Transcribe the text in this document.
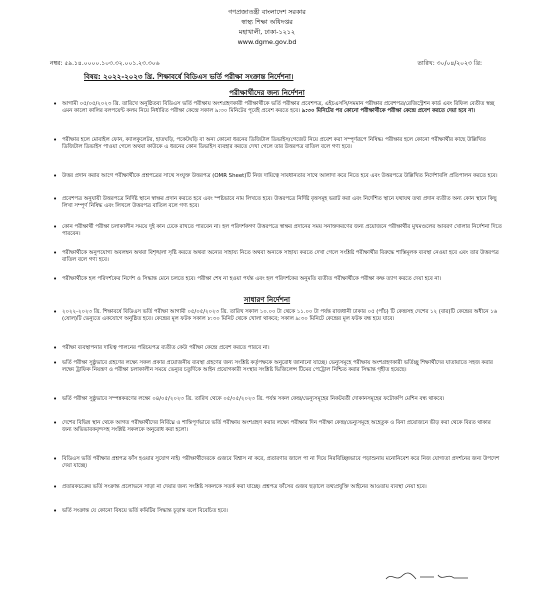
গণপ্রজাতন্ত্রী বাংলাদেশ সরকার
স্বাস্থ্য শিক্ষা অধিদপ্তর
মহাখালী, ঢাকা-১২১২
www.dgme.gov.bd
নম্বর: ৫৯.১৪.০০০০.১০৩.৩২.০০১.২৩.৩০৬	তারিখ: ৩০/০৪/২০২৩ খ্রি:
বিষয়: ২০২২-২০২৩ খ্রি. শিক্ষাবর্ষে বিডিএস ভর্তি পরীক্ষা সংক্রান্ত নির্দেশনা।
পরীক্ষার্থীদের জন্য নির্দেশনা
• আগামী ০৫/০৫/২০২৩ খ্রি. তারিখে অনুষ্ঠিতব্য বিডিএস ভর্তি পরীক্ষায় অংশগ্রহণকারী পরীক্ষার্থীকে ভর্তি পরীক্ষার প্রবেশপত্র, এইচএসসি/সমমান পরীক্ষার প্রবেশপত্র/রেজিস্ট্রেশন কার্ড এবং রিফিল বেতীত স্বচ্ছ এমন কালো কালির বলপয়েন্ট কলম নিয়ে নির্ধারিত পরীক্ষা কেন্দ্রে সকাল ৯:৩০ মিনিটের পূর্বেই প্রবেশ করতে হবে। ৯:৩০ মিনিটের পর কোনো পরীক্ষার্থীকে পরীক্ষা কেন্দ্রে প্রবেশ করতে দেয়া হবে না।

• পরীক্ষার হলে মোবাইল ফোন, ক্যালকুলেটর, হাতঘড়ি, পকেটঘড়ি বা অন্য কোনো ধরনের ডিজিটাল ডিভাইস/গেজেট নিয়ে প্রবেশ করা সম্পূর্ণরূপে নিষিদ্ধ। পরীক্ষার হলে কোনো পরীক্ষার্থীর কাছে উল্লিখিত ডিজিটাল ডিভাইস পাওয়া গেলে অথবা কাউকে এ ধরনের কোন ডিভাইস ব্যবহার করতে দেখা গেলে তার উত্তরপত্র বাতিল বলে গণ্য হবে।

• উত্তর প্রদান করার আগে পরীক্ষার্থীকে প্রশ্নপত্রের সাথে সংযুক্ত উত্তরপত্র (OMR Sheet)টি নিজ দায়িত্বে সাবধানতার সাথে আলাদা করে নিতে হবে এবং উত্তরপত্রে উল্লিখিত নির্দেশাবলি প্রতিপালন করতে হবে।

• প্রবেশপত্র অনুযায়ী উত্তরপত্রে নির্দিষ্ট স্থানে স্বাক্ষর প্রদান করতে হবে এবং স্পষ্টভাবে নাম লিখতে হবে। উত্তরপত্রে নির্দিষ্ট বৃত্তসমূহ ভরাট করা এবং নির্দেশিত স্থানে যথাযথ তথ্য প্রদান ব্যতীত অন্য কোন স্থানে কিছু লিখা সম্পূর্ণ নিষিদ্ধ এবং লিখলে উত্তরপত্র বাতিল বলে গণ্য হবে।

• কোন পরীক্ষার্থী পরীক্ষা চলাকালীন সময়ে দুই কান ঢেকে রাখতে পারবেন না। হল পরিদর্শকগণ উত্তরপত্রে স্বাক্ষর প্রদানের সময় সনাক্তকরণের জন্য প্রয়োজনে পরীক্ষার্থীর মুখমণ্ডলের আবরণ খোলার নির্দেশনা দিতে পারবেন।

• পরীক্ষার্থীকে অনুপযোগ্য অবলম্বন অথবা বিশৃঙ্খলা সৃষ্টি করতে অথবা অন্যের সাহায্য নিতে অথবা অন্যকে সাহায্য করতে দেখা গেলে সংশ্লিষ্ট পরীক্ষার্থীর বিরুদ্ধে শাস্তিমূলক ব্যবস্থা নেওয়া হবে এবং তার উত্তরপত্র বাতিল বলে গণ্য হবে।

• পরীক্ষার্থীকে হল পরিদর্শকের নির্দেশ ও সিদ্ধান্ত মেনে চলতে হবে। পরীক্ষা শেষ না হওয়া পর্যন্ত এবং হল পরিদর্শকের অনুমতি ব্যতীত পরীক্ষার্থীকে পরীক্ষা কক্ষ ত্যাগ করতে দেয়া হবে না।

সাধারণ নির্দেশনা
• ২০২২-২০২৩ খ্রি. শিক্ষাবর্ষে বিডিএস ভর্তি পরীক্ষা আগামী ০৫/০৫/২০২৩ খ্রি. তারিখ সকাল ১০.০০ টা থেকে ১১.০০ টা পর্যন্ত রাজধানী ঢাকার ০৫ (পাঁচ) টি কেন্দ্রসহ দেশের ১২ (বার)টি কেন্দ্রের অধীনে ১৬ (ষোল)টি ভেন্যুতে একযোগে অনুষ্ঠিত হবে। কেন্দ্রের মূল ফটক সকাল ৮:৩০ মিনিট থেকে খোলা থাকবে; সকাল ৯:৩০ মিনিটে কেন্দ্রের মূল ফটক বন্ধ হয়ে যাবে।

• পরীক্ষা ব্যবস্থাপনার দায়িত্ব পালনের পরিচয়পত্র ব্যতীত কেউ পরীক্ষা কেন্দ্রে প্রবেশ করতে পারবে না।

• ভর্তি পরীক্ষা সুষ্ঠুভাবে গ্রহণের লক্ষ্যে সকল প্রকার প্রয়োজনীয় ব্যবস্থা গ্রহণের জন্য সংশ্লিষ্ট কর্তৃপক্ষকে অনুরোধ জানানো যাচ্ছে। ভেন্যুসমূহে পরীক্ষায় অংশগ্রহণকারী ভর্তিচ্ছু শিক্ষার্থীদের যাতায়াতে সহজ করার লক্ষ্যে ট্রাফিক নিয়ন্ত্রণ ও পরীক্ষা চলাকালীন সময়ে ভেন্যুর চতুর্দিকে আইন প্রয়োগকারী সংস্থার সংশ্লিষ্ট ভিজিলেন্স টিমের পেট্রোল নিশ্চিত করার সিদ্ধান্ত গৃহীত হয়েছে।

• ভর্তি পরীক্ষা সুষ্ঠুভাবে সম্পন্নকরণের লক্ষ্যে ০৪/০৫/২০২৩ খ্রি. তারিখ থেকে ০৫/০৫/২০২৩ খ্রি. পর্যন্ত সকল কেন্দ্র/ভেন্যুসমূহের নিকটবর্তী দোকানসমূহের ফটোকপি মেশিন বন্ধ থাকবে।

• দেশের বিভিন্ন স্থান থেকে আগত পরীক্ষার্থীদের নির্বিঘ্নে ও শান্তিপূর্ণভাবে ভর্তি পরীক্ষায় অংশগ্রহণ করার লক্ষ্যে পরীক্ষার দিন পরীক্ষা কেন্দ্র/ভেন্যুসমূহে অহেতুক ও বিনা প্রয়োজনে ভীড় করা থেকে বিরত থাকার জন্য অভিভাবকবৃন্দসহ সংশ্লিষ্ট সকলকে অনুরোধ করা হলো।

• বিডিএস ভর্তি পরীক্ষার প্রশ্নপত্র ফাঁস হওয়ার সুযোগ নাই। পরীক্ষার্থীদেরকে গুজবে বিশ্বাস না করে, প্রতারণার জালে পা না দিয়ে নিরবিচ্ছিন্নভাবে পড়াশুনায় মনোনিবেশ করে নিজ যোগ্যতা প্রদর্শনের জন্য উপদেশ দেয়া যাচ্ছে।

• প্রতারকচক্রের ভর্তি সংক্রান্ত প্রলোভনে সাড়া না দেয়ার জন্য সংশ্লিষ্ট সকলকে সতর্ক করা যাচ্ছে। প্রশ্নপত্র ফাঁসের গুজব ছড়ালে তথ্যপ্রযুক্তি আইনের আওতায় ব্যবস্থা নেয়া হবে।

• ভর্তি সংক্রান্ত যে কোনো বিষয়ে ভর্তি কমিটির সিদ্ধান্ত চূড়ান্ত বলে বিবেচিত হবে।
